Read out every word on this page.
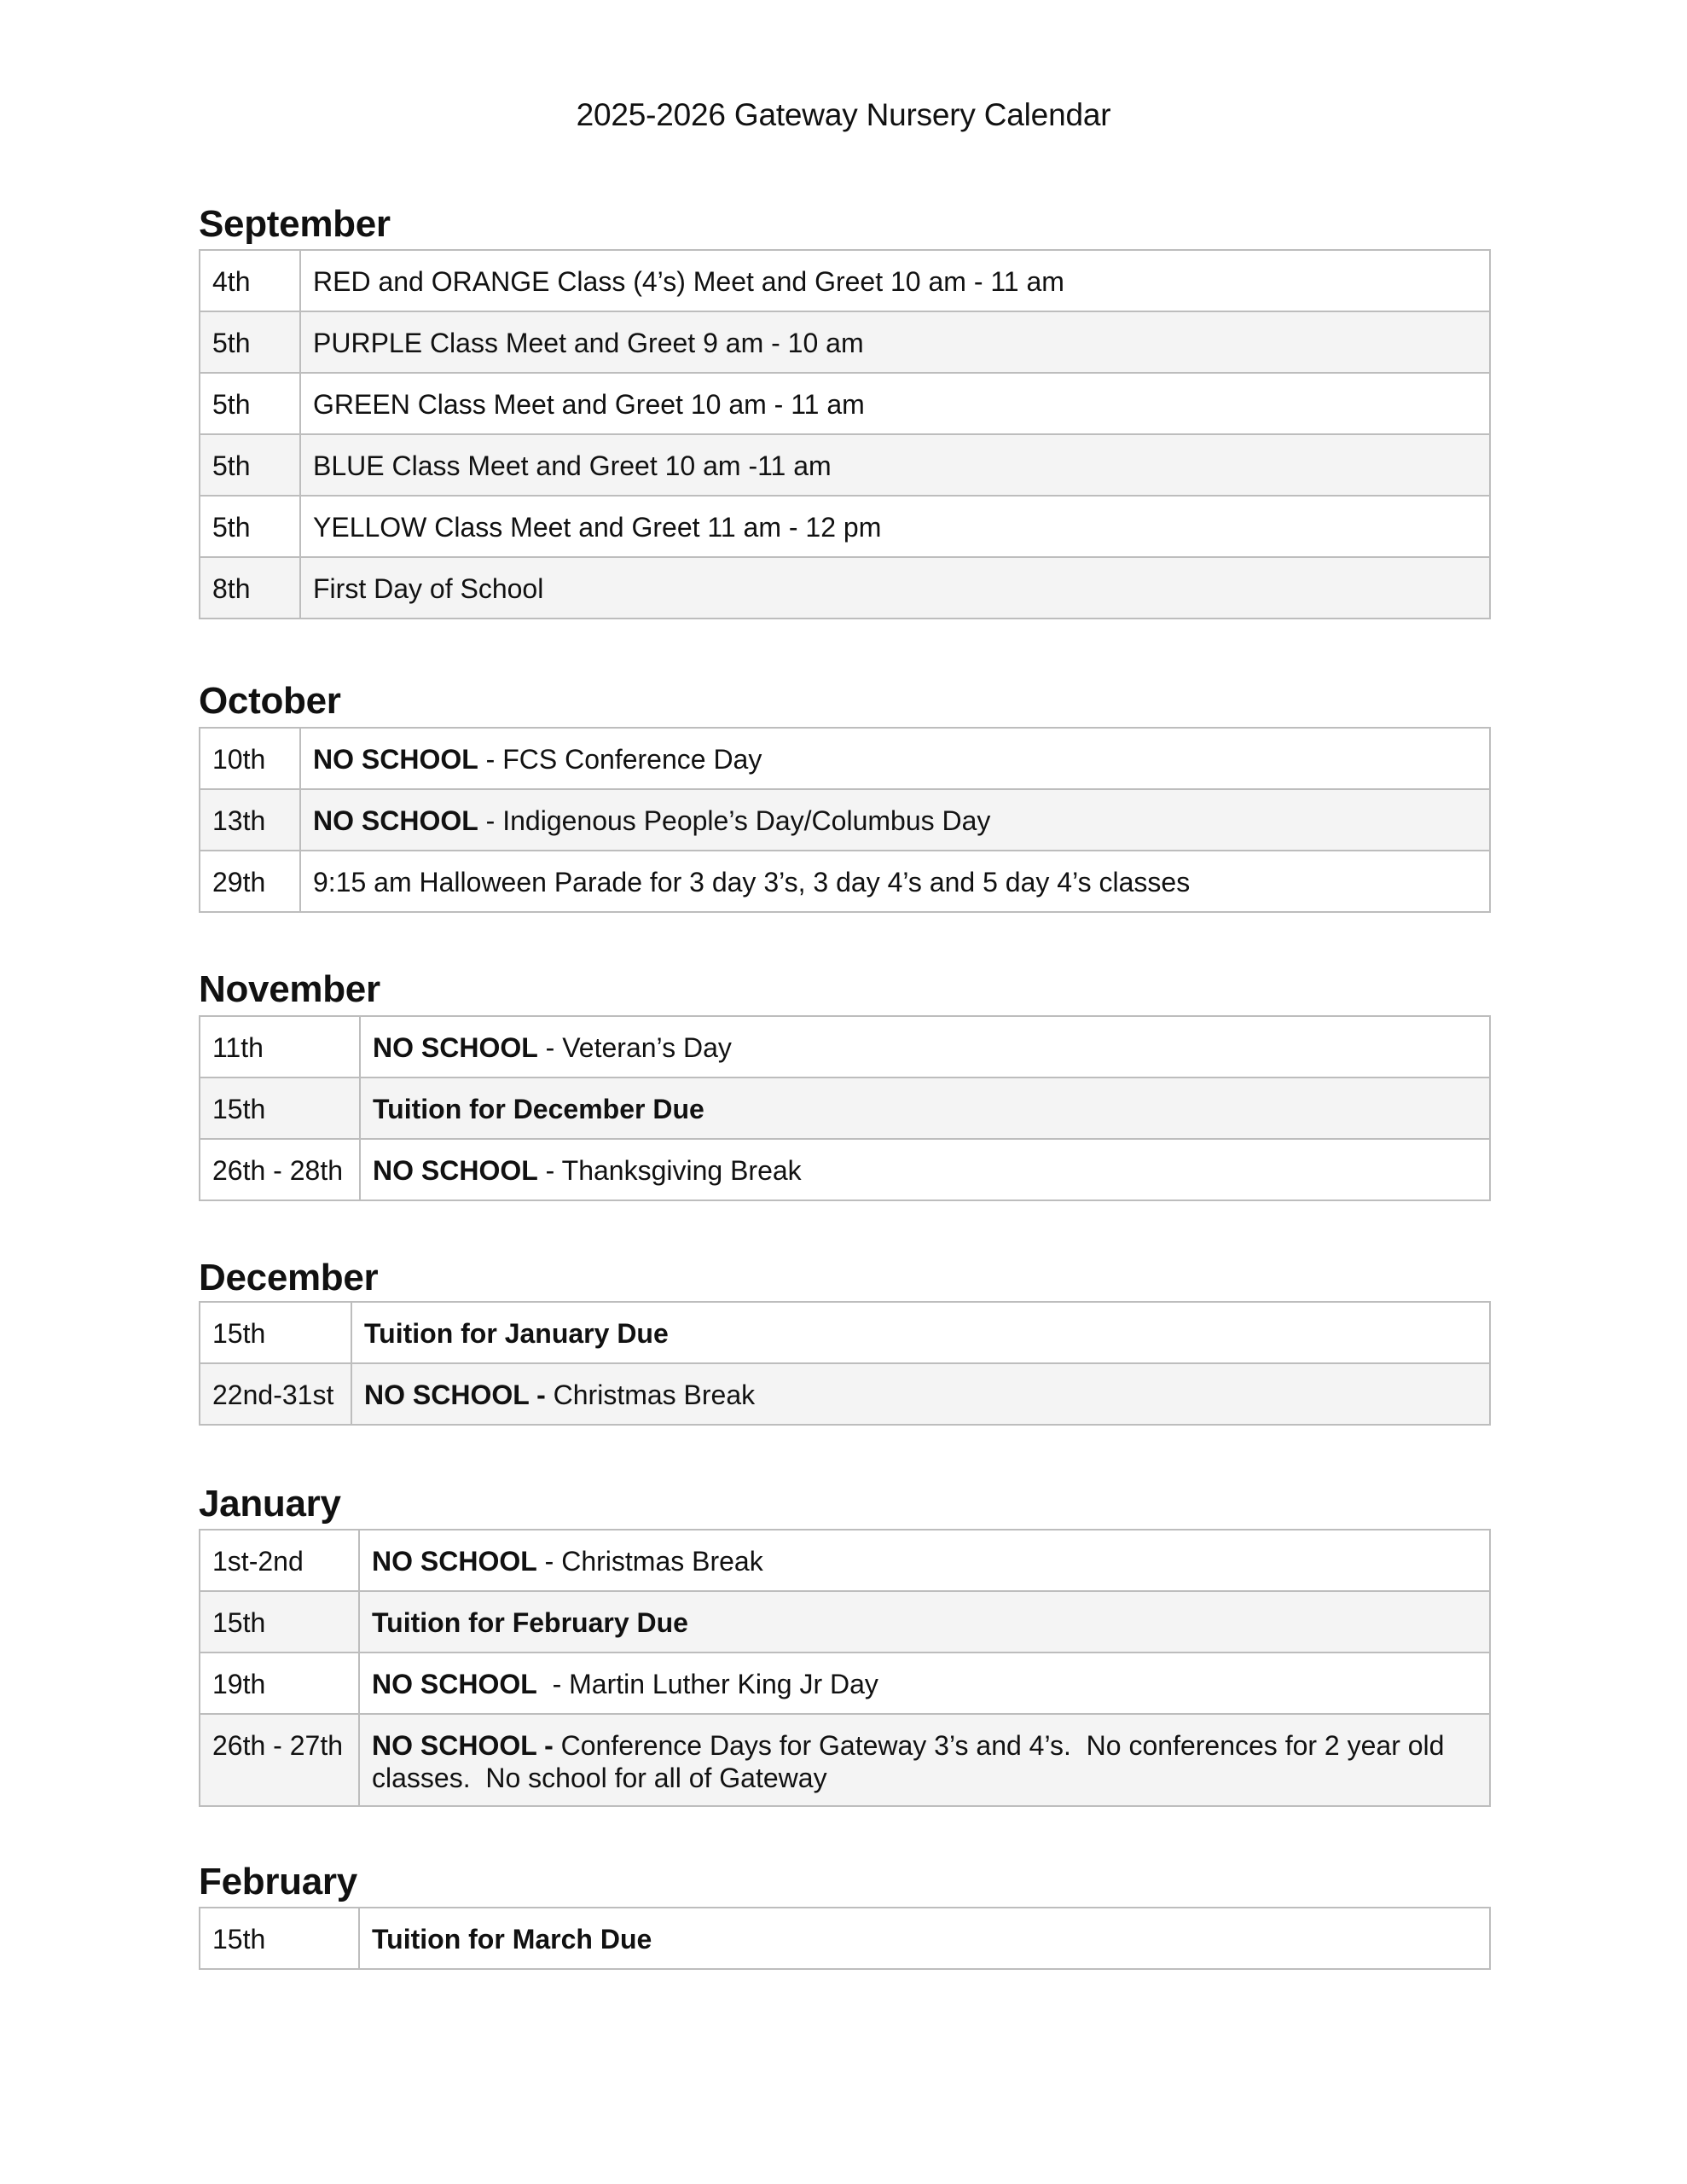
2025-2026 Gateway Nursery Calendar
September
4th	RED and ORANGE Class (4’s) Meet and Greet 10 am - 11 am

5th	PURPLE Class Meet and Greet 9 am - 10 am

5th	GREEN Class Meet and Greet 10 am - 11 am

5th	BLUE Class Meet and Greet 10 am -11 am

5th	YELLOW Class Meet and Greet 11 am - 12 pm

8th	First Day of School
October
10th	NO SCHOOL - FCS Conference Day

13th	NO SCHOOL - Indigenous People’s Day/Columbus Day

29th	9:15 am Halloween Parade for 3 day 3’s, 3 day 4’s and 5 day 4’s classes
November
11th	NO SCHOOL - Veteran’s Day

15th	Tuition for December Due

26th - 28th	NO SCHOOL - Thanksgiving Break
December
15th	Tuition for January Due

22nd-31st	NO SCHOOL - Christmas Break
January
1st-2nd	NO SCHOOL - Christmas Break

15th	Tuition for February Due

19th	NO SCHOOL  - Martin Luther King Jr Day

26th - 27th	NO SCHOOL - Conference Days for Gateway 3’s and 4’s.  No conferences for 2 year old classes.  No school for all of Gateway
February
15th	Tuition for March Due
